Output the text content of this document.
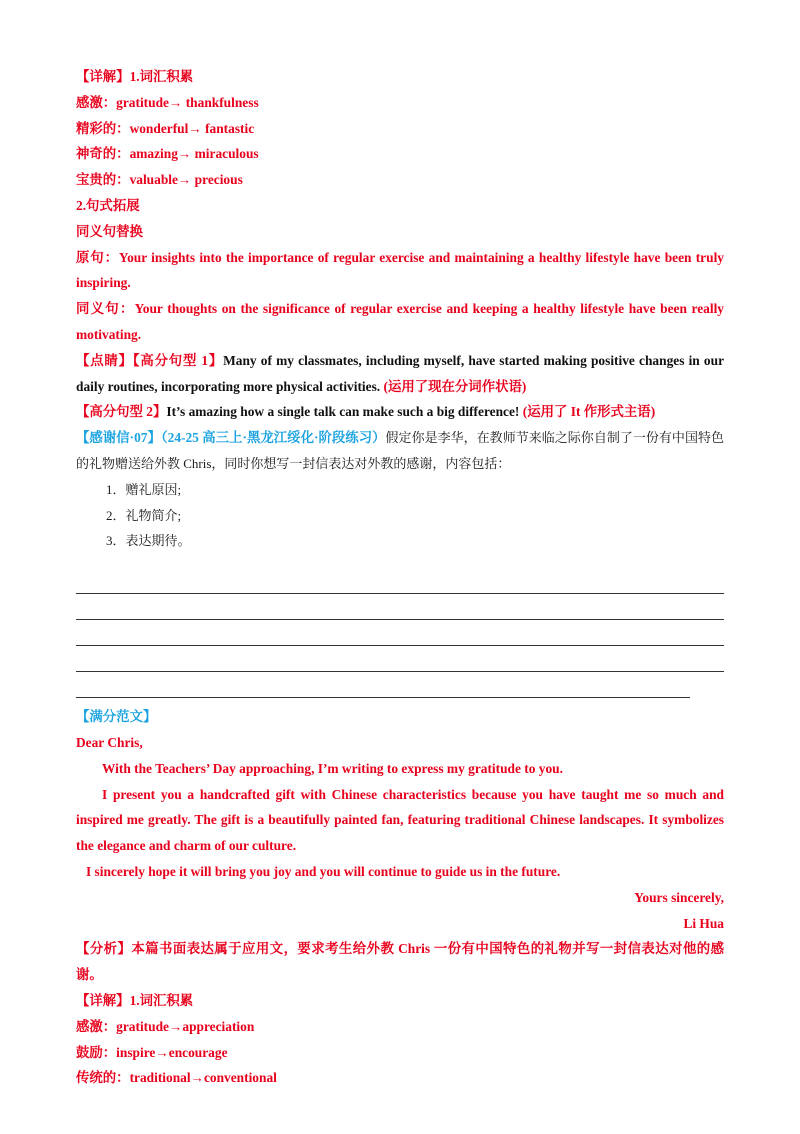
【详解】1.词汇积累
感激：gratitude→ thankfulness
精彩的：wonderful→ fantastic
神奇的：amazing→ miraculous
宝贵的：valuable→ precious
2.句式拓展
同义句替换
原句：Your insights into the importance of regular exercise and maintaining a healthy lifestyle have been truly inspiring.
同义句：Your thoughts on the significance of regular exercise and keeping a healthy lifestyle have been really motivating.
【点睛】【高分句型 1】Many of my classmates, including myself, have started making positive changes in our daily routines, incorporating more physical activities. (运用了现在分词作状语)
【高分句型 2】It’s amazing how a single talk can make such a big difference! (运用了 It 作形式主语)
【感谢信·07】（24-25 高三上·黑龙江绥化·阶段练习）假定你是李华，在教师节来临之际你自制了一份有中国特色的礼物赠送给外教 Chris，同时你想写一封信表达对外教的感谢，内容包括：
1．赠礼原因;
2．礼物简介;
3．表达期待。
【满分范文】
Dear Chris,
With the Teachers’ Day approaching, I’m writing to express my gratitude to you.
I present you a handcrafted gift with Chinese characteristics because you have taught me so much and inspired me greatly. The gift is a beautifully painted fan, featuring traditional Chinese landscapes. It symbolizes the elegance and charm of our culture.
I sincerely hope it will bring you joy and you will continue to guide us in the future.
Yours sincerely,
Li Hua
【分析】本篇书面表达属于应用文，要求考生给外教 Chris 一份有中国特色的礼物并写一封信表达对他的感谢。
【详解】1.词汇积累
感激：gratitude→appreciation
鼓励：inspire→encourage
传统的：traditional→conventional
